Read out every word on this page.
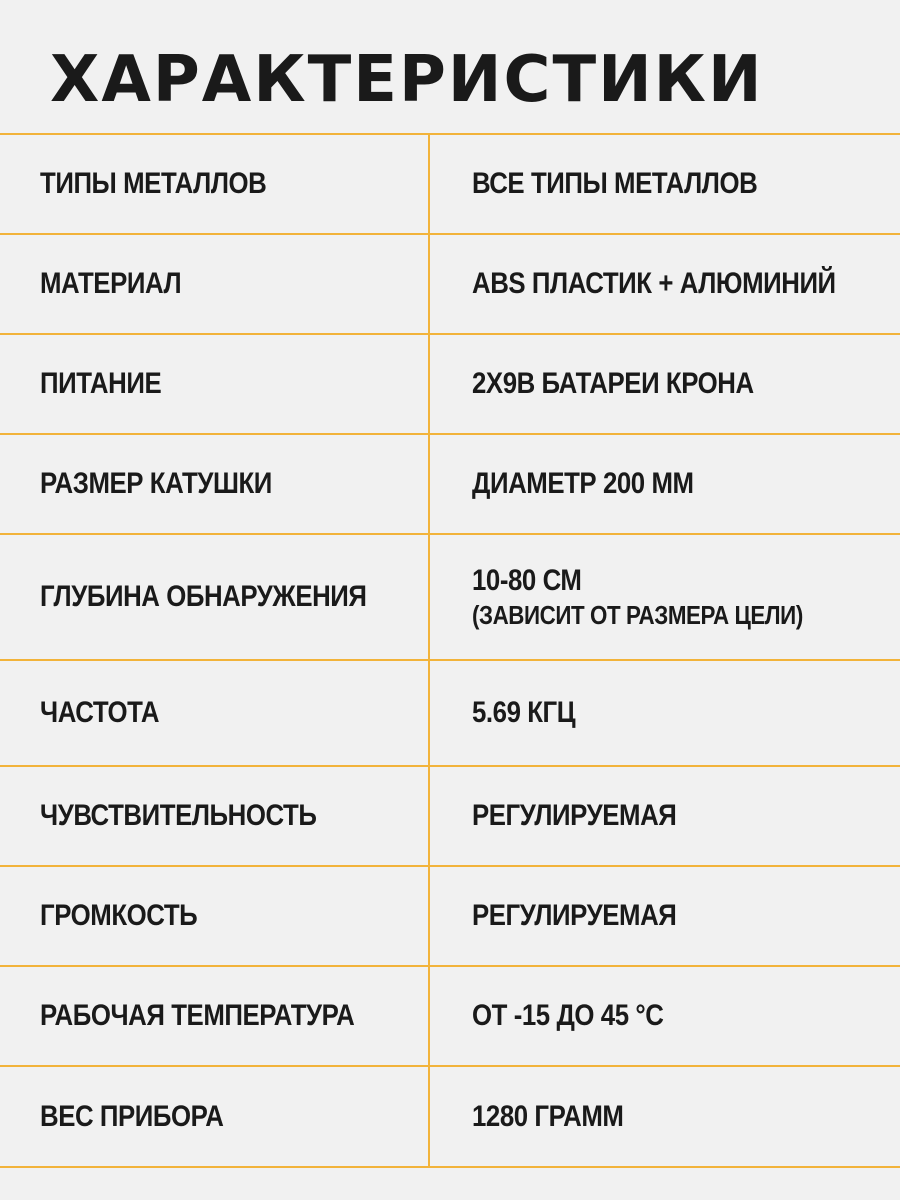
ХАРАКТЕРИСТИКИ
ТИПЫ МЕТАЛЛОВ	ВСЕ ТИПЫ МЕТАЛЛОВ
МАТЕРИАЛ	ABS ПЛАСТИК + АЛЮМИНИЙ
ПИТАНИЕ	2Х9В БАТАРЕИ КРОНА
РАЗМЕР КАТУШКИ	ДИАМЕТР 200 ММ
ГЛУБИНА ОБНАРУЖЕНИЯ	10-80 СМ
(ЗАВИСИТ ОТ РАЗМЕРА ЦЕЛИ)
ЧАСТОТА	5.69 КГЦ
ЧУВСТВИТЕЛЬНОСТЬ	РЕГУЛИРУЕМАЯ
ГРОМКОСТЬ	РЕГУЛИРУЕМАЯ
РАБОЧАЯ ТЕМПЕРАТУРА	ОТ -15 ДО 45 °С
ВЕС ПРИБОРА	1280 ГРАММ
